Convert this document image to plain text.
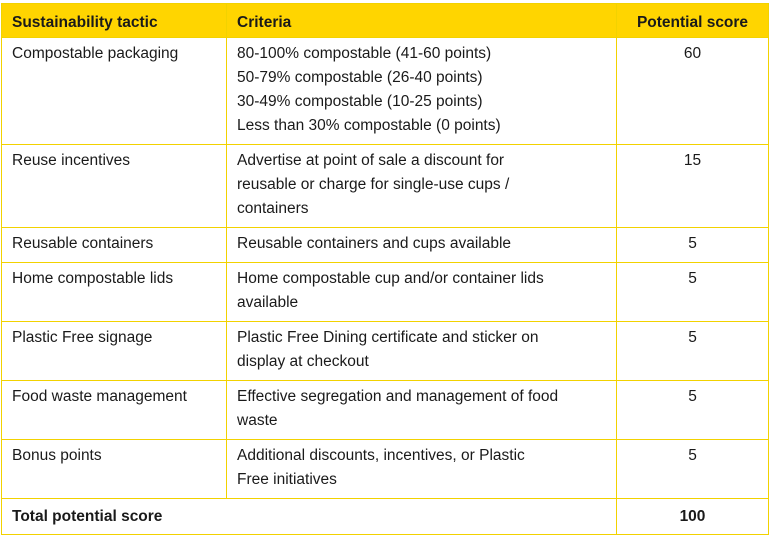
Sustainability tactic	Criteria	Potential score
Compostable packaging	80-100% compostable (41-60 points)
50-79% compostable (26-40 points)
30-49% compostable (10-25 points)
Less than 30% compostable (0 points)	60
Reuse incentives	Advertise at point of sale a discount for
reusable or charge for single-use cups /
containers	15
Reusable containers	Reusable containers and cups available	5
Home compostable lids	Home compostable cup and/or container lids
available	5
Plastic Free signage	Plastic Free Dining certificate and sticker on
display at checkout	5
Food waste management	Effective segregation and management of food
waste	5
Bonus points	Additional discounts, incentives, or Plastic
Free initiatives	5
Total potential score		100
